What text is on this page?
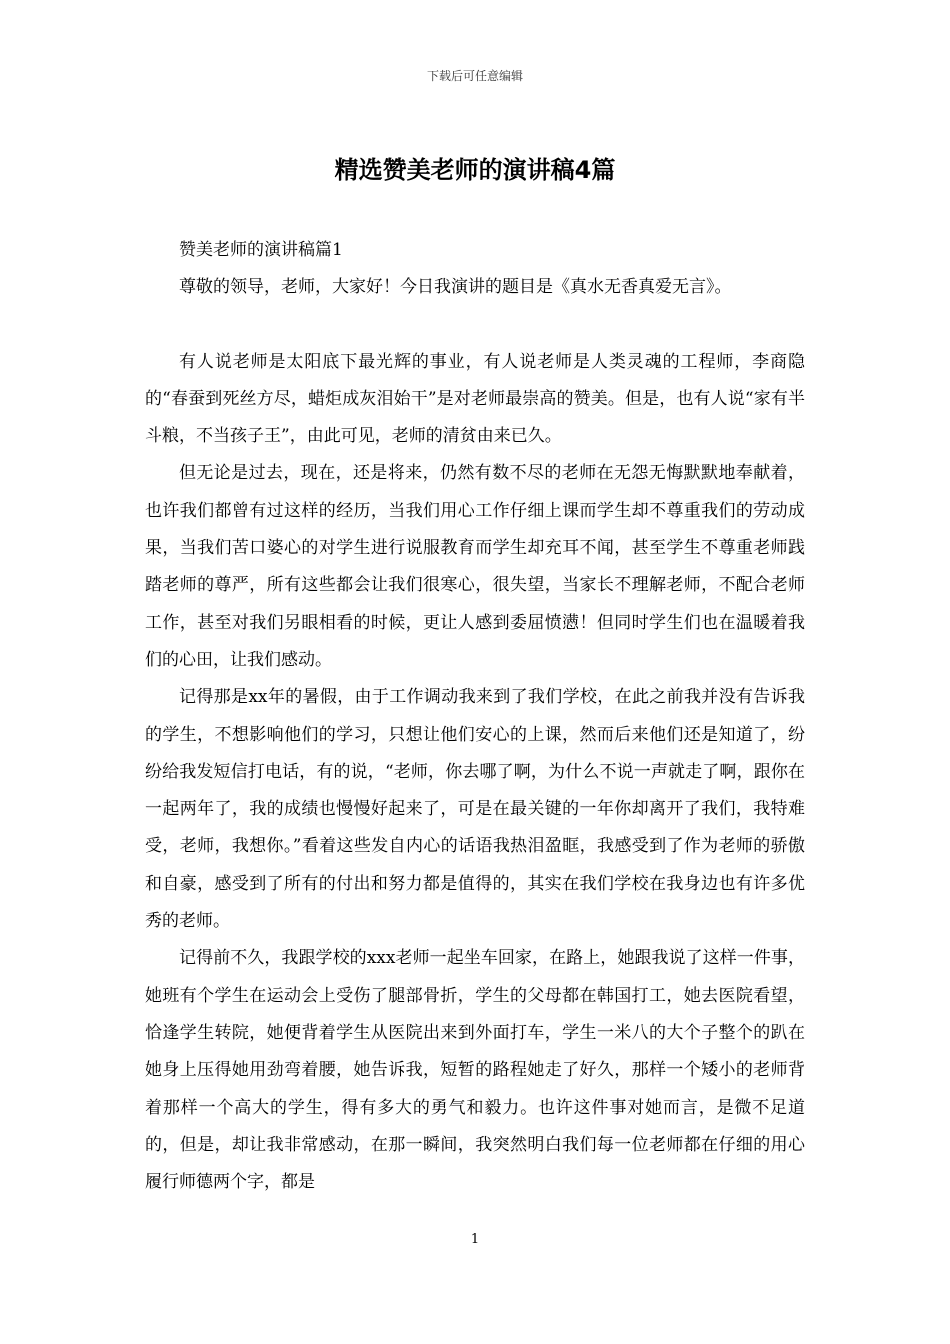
下载后可任意编辑
精选赞美老师的演讲稿4篇

赞美老师的演讲稿篇1

尊敬的领导，老师，大家好！今日我演讲的题目是《真水无香真爱无言》。

有人说老师是太阳底下最光辉的事业，有人说老师是人类灵魂的工程师，李商隐的“春蚕到死丝方尽，蜡炬成灰泪始干”是对老师最崇高的赞美。但是，也有人说“家有半斗粮，不当孩子王”，由此可见，老师的清贫由来已久。

但无论是过去，现在，还是将来，仍然有数不尽的老师在无怨无悔默默地奉献着，也许我们都曾有过这样的经历，当我们用心工作仔细上课而学生却不尊重我们的劳动成果，当我们苦口婆心的对学生进行说服教育而学生却充耳不闻，甚至学生不尊重老师践踏老师的尊严，所有这些都会让我们很寒心，很失望，当家长不理解老师，不配合老师工作，甚至对我们另眼相看的时候，更让人感到委屈愤懑！但同时学生们也在温暖着我们的心田，让我们感动。

记得那是xx年的暑假，由于工作调动我来到了我们学校，在此之前我并没有告诉我的学生，不想影响他们的学习，只想让他们安心的上课，然而后来他们还是知道了，纷纷给我发短信打电话，有的说，“老师，你去哪了啊，为什么不说一声就走了啊，跟你在一起两年了，我的成绩也慢慢好起来了，可是在最关键的一年你却离开了我们，我特难受，老师，我想你。”看着这些发自内心的话语我热泪盈眶，我感受到了作为老师的骄傲和自豪，感受到了所有的付出和努力都是值得的，其实在我们学校在我身边也有许多优秀的老师。

记得前不久，我跟学校的xxx老师一起坐车回家，在路上，她跟我说了这样一件事，她班有个学生在运动会上受伤了腿部骨折，学生的父母都在韩国打工，她去医院看望，恰逢学生转院，她便背着学生从医院出来到外面打车，学生一米八的大个子整个的趴在她身上压得她用劲弯着腰，她告诉我，短暂的路程她走了好久，那样一个矮小的老师背着那样一个高大的学生，得有多大的勇气和毅力。也许这件事对她而言，是微不足道的，但是，却让我非常感动，在那一瞬间，我突然明白我们每一位老师都在仔细的用心履行师德两个字，都是

1
